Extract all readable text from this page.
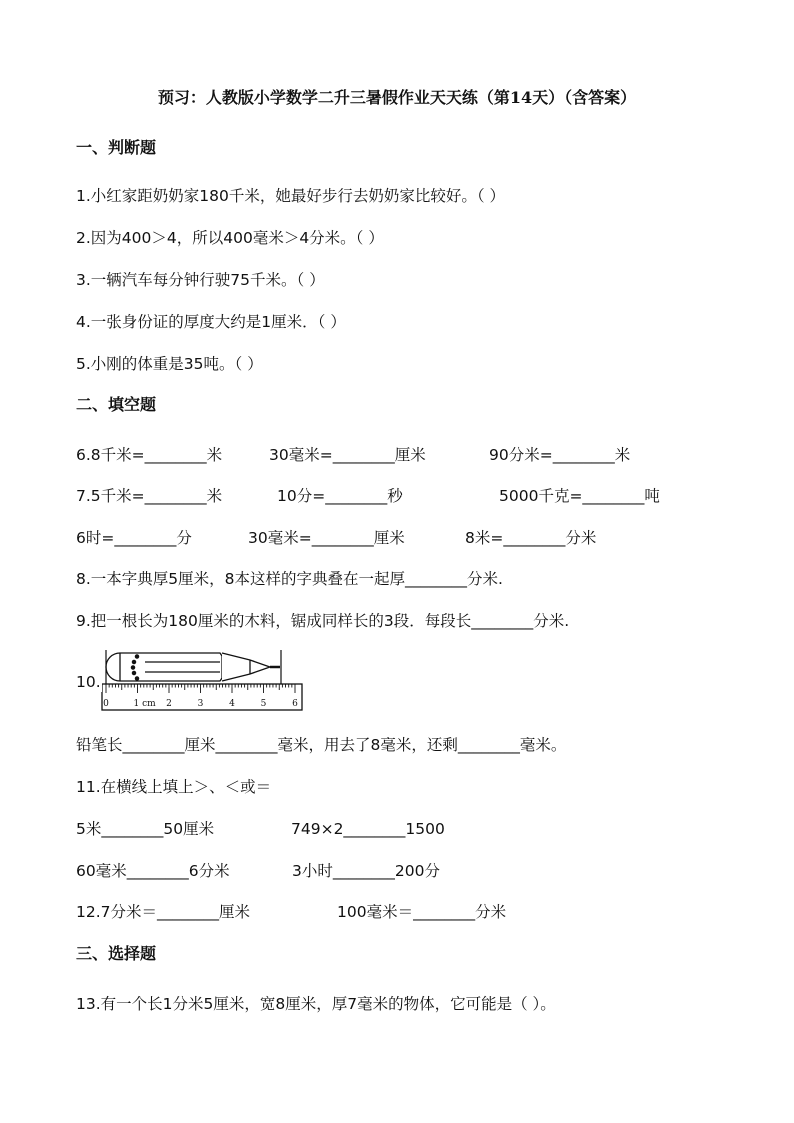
预习：人教版小学数学二升三暑假作业天天练（第14天）（含答案）
一、判断题
1.小红家距奶奶家180千米，她最好步行去奶奶家比较好。（ ）
2.因为400＞4，所以400毫米＞4分米。（ ）
3.一辆汽车每分钟行驶75千米。（ ）
4.一张身份证的厚度大约是1厘米．（ ）
5.小刚的体重是35吨。（ ）
二、填空题
6.8千米=________米	30毫米=________厘米	90分米=________米
7.5千米=________米	10分=________秒	5000千克=________吨
6时=________分	30毫米=________厘米	8米=________分米
8.一本字典厚5厘米，8本这样的字典叠在一起厚________分米.
9.把一根长为180厘米的木料，锯成同样长的3段．每段长________分米.
0	1 cm 2	3	4	5	6
10.
铅笔长________厘米________毫米，用去了8毫米，还剩________毫米。
11.在横线上填上＞、＜或＝
5米________50厘米	749×2________1500
60毫米________6分米	3小时________200分
12.7分米＝________厘米	100毫米＝________分米
三、选择题
13.有一个长1分米5厘米，宽8厘米，厚7毫米的物体，它可能是（ ）。
